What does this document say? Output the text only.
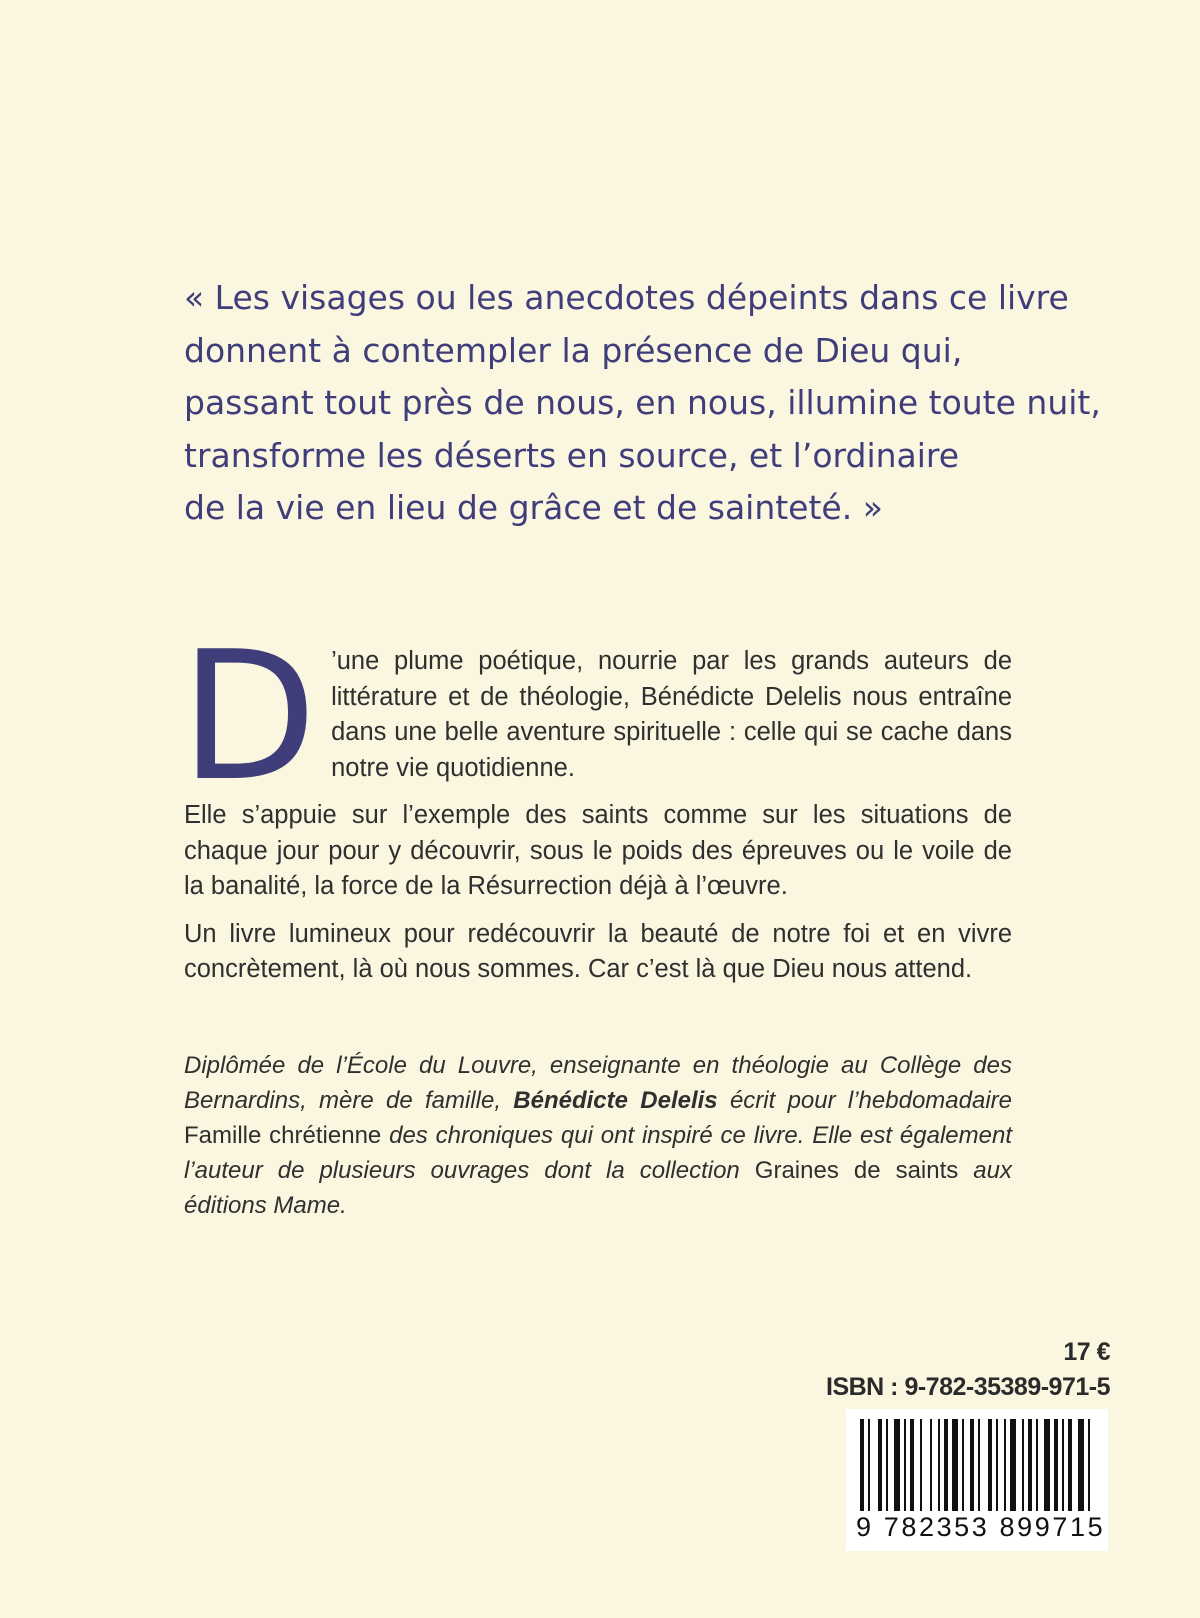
« Les visages ou les anecdotes dépeints dans ce livre
donnent à contempler la présence de Dieu qui,
passant tout près de nous, en nous, illumine toute nuit,
transforme les déserts en source, et l’ordinaire
de la vie en lieu de grâce et de sainteté. »

D ’une plume poétique, nourrie par les grands auteurs de littérature et de théologie, Bénédicte Delelis nous entraîne dans une belle aventure spirituelle : celle qui se cache dans notre vie quotidienne.

Elle s’appuie sur l’exemple des saints comme sur les situations de chaque jour pour y découvrir, sous le poids des épreuves ou le voile de la banalité, la force de la Résurrection déjà à l’œuvre.

Un livre lumineux pour redécouvrir la beauté de notre foi et en vivre concrètement, là où nous sommes. Car c’est là que Dieu nous attend.

Diplômée de l’École du Louvre, enseignante en théologie au Collège des Bernardins, mère de famille, Bénédicte Delelis écrit pour l’hebdomadaire Famille chrétienne des chroniques qui ont inspiré ce livre. Elle est également l’auteur de plusieurs ouvrages dont la collection Graines de saints aux éditions Mame.

17 €

ISBN : 9-782-35389-971-5

9 782353 899715
